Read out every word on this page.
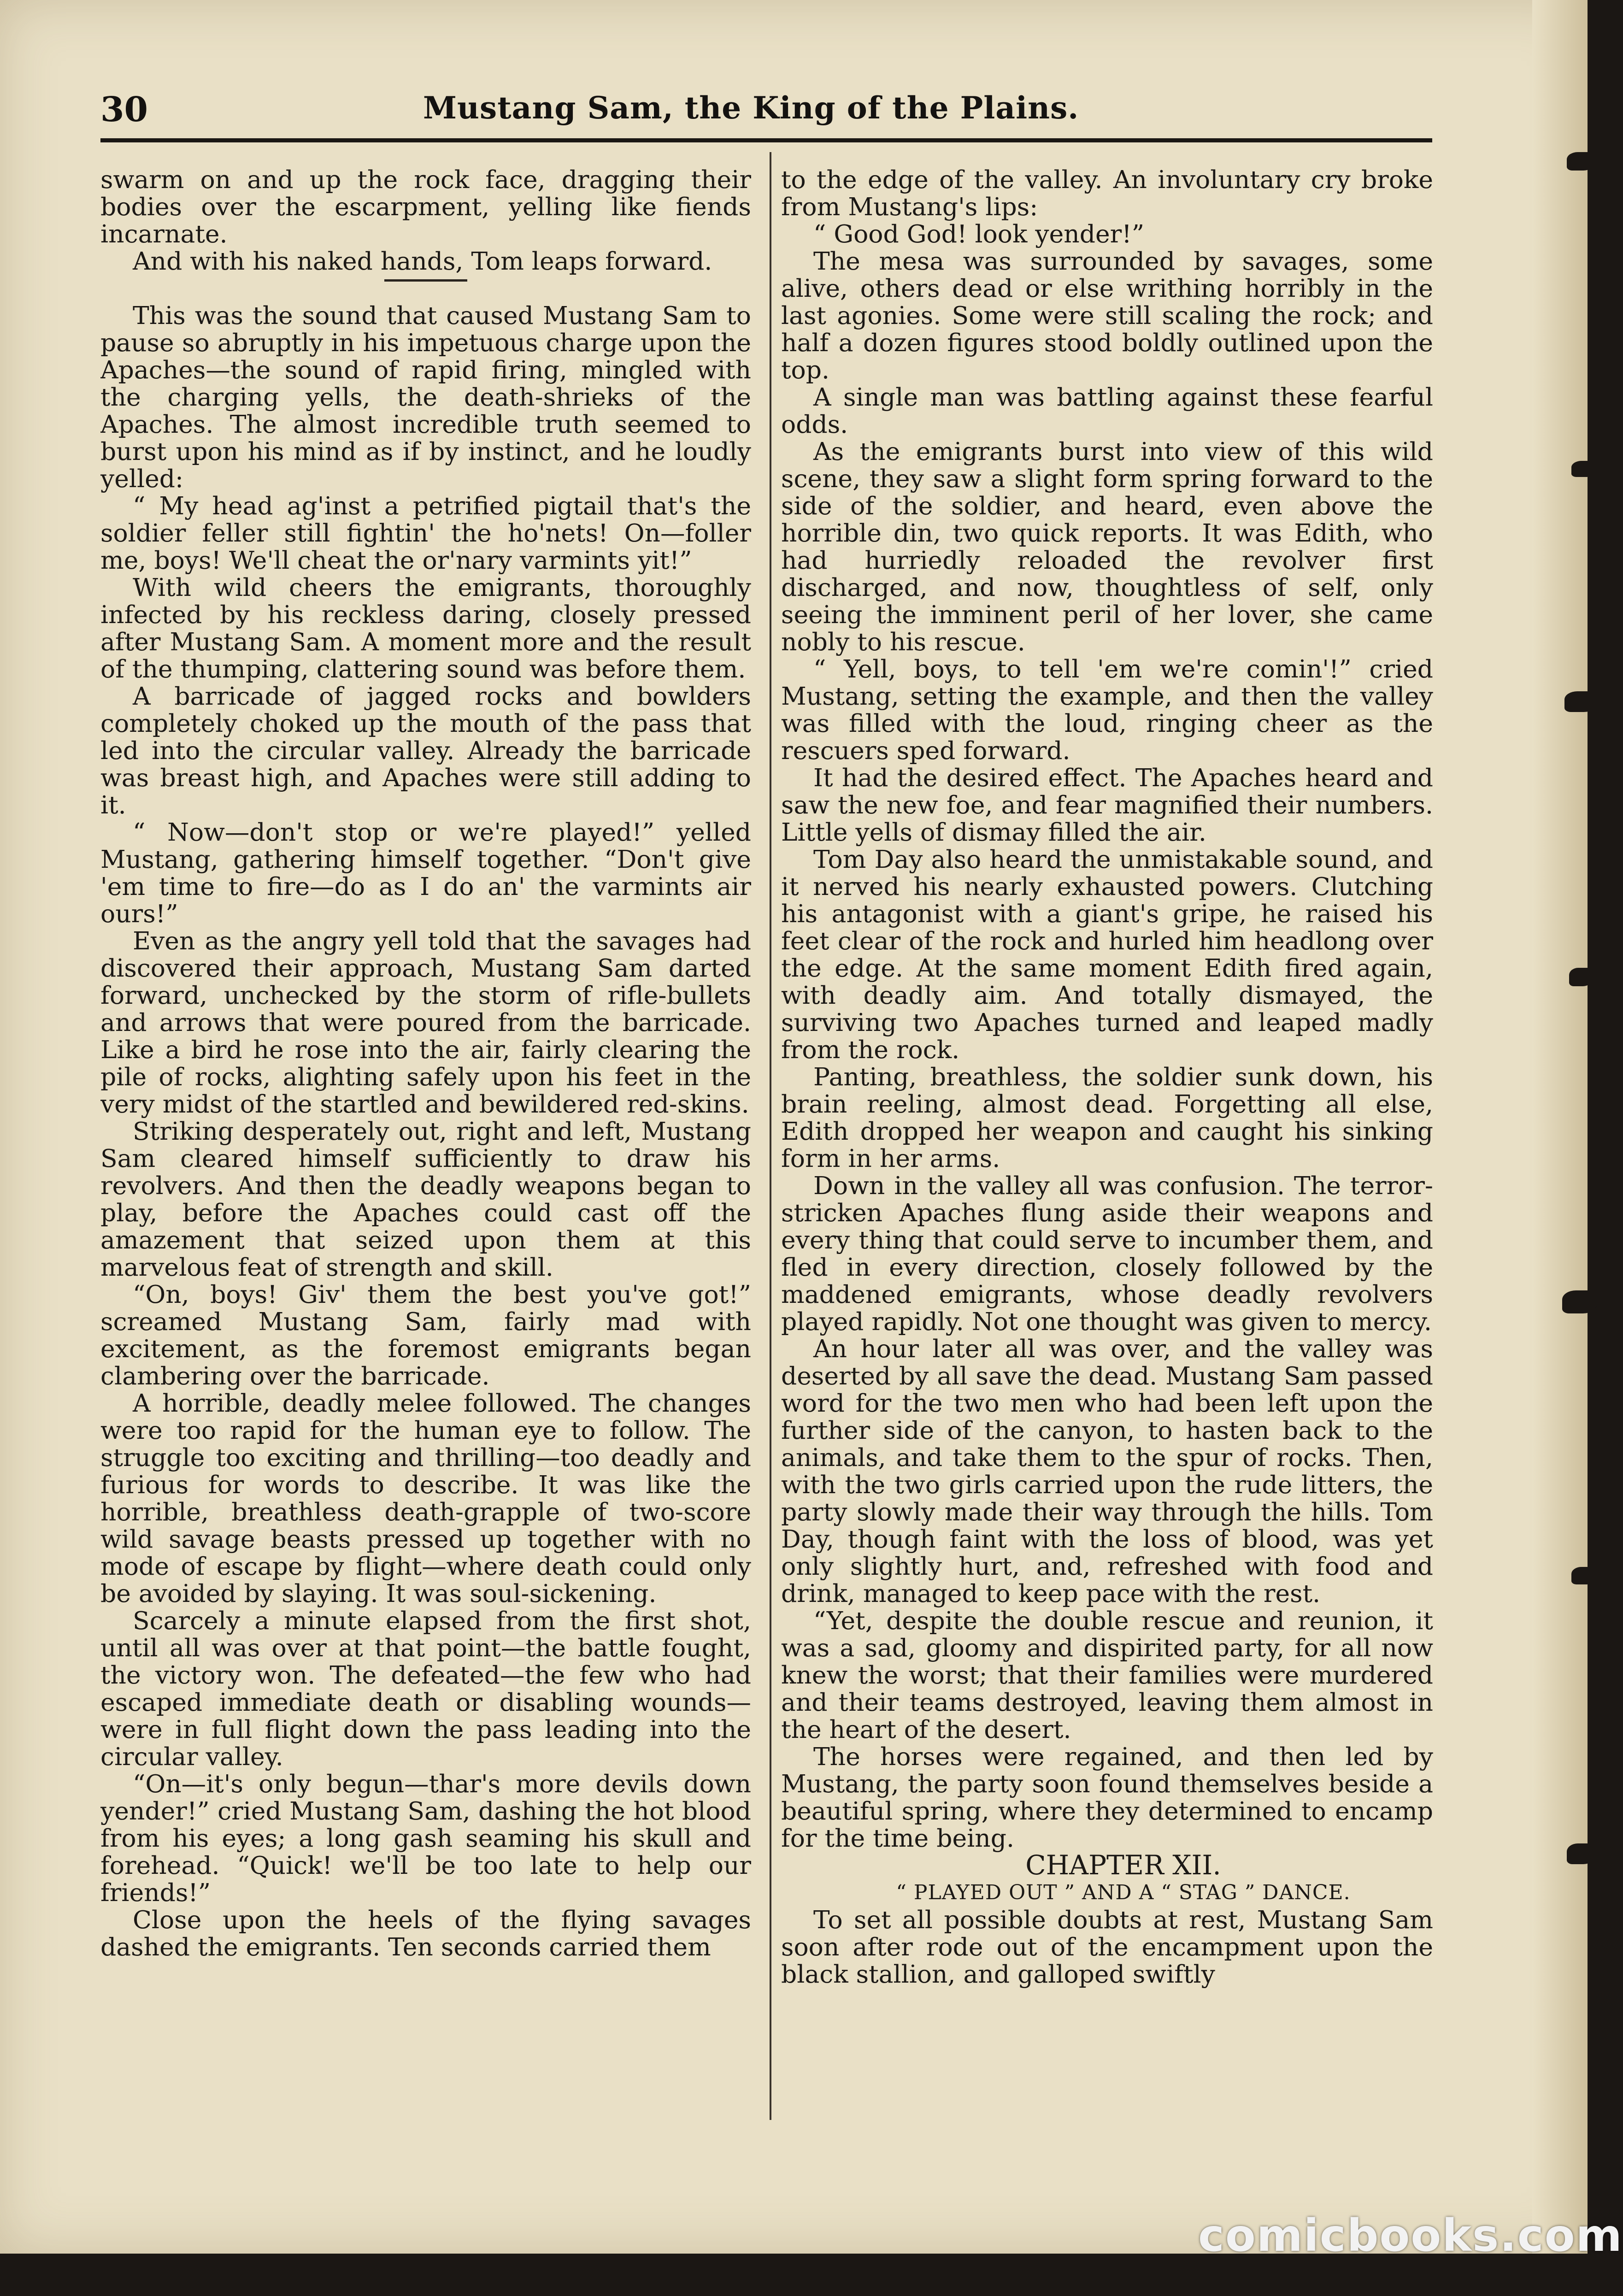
30	Mustang Sam, the King of the Plains.

swarm on and up the rock face, dragging their bodies over the escarpment, yelling like fiends incarnate.

And with his naked hands, Tom leaps forward.

This was the sound that caused Mustang Sam to pause so abruptly in his impetuous charge upon the Apaches—the sound of rapid firing, mingled with the charging yells, the death-shrieks of the Apaches. The almost incredible truth seemed to burst upon his mind as if by instinct, and he loudly yelled:

“ My head ag'inst a petrified pigtail that's the soldier feller still fightin' the ho'nets! On—foller me, boys! We'll cheat the or'nary varmints yit!”

With wild cheers the emigrants, thoroughly infected by his reckless daring, closely pressed after Mustang Sam. A moment more and the result of the thumping, clattering sound was before them.

A barricade of jagged rocks and bowlders completely choked up the mouth of the pass that led into the circular valley. Already the barricade was breast high, and Apaches were still adding to it.

“ Now—don't stop or we're played!” yelled Mustang, gathering himself together. “Don't give 'em time to fire—do as I do an' the varmints air ours!”

Even as the angry yell told that the savages had discovered their approach, Mustang Sam darted forward, unchecked by the storm of rifle-bullets and arrows that were poured from the barricade. Like a bird he rose into the air, fairly clearing the pile of rocks, alighting safely upon his feet in the very midst of the startled and bewildered red-skins.

Striking desperately out, right and left, Mustang Sam cleared himself sufficiently to draw his revolvers. And then the deadly weapons began to play, before the Apaches could cast off the amazement that seized upon them at this marvelous feat of strength and skill.

“On, boys! Giv' them the best you've got!” screamed Mustang Sam, fairly mad with excitement, as the foremost emigrants began clambering over the barricade.

A horrible, deadly melee followed. The changes were too rapid for the human eye to follow. The struggle too exciting and thrilling—too deadly and furious for words to describe. It was like the horrible, breathless death-grapple of two-score wild savage beasts pressed up together with no mode of escape by flight—where death could only be avoided by slaying. It was soul-sickening.

Scarcely a minute elapsed from the first shot, until all was over at that point—the battle fought, the victory won. The defeated—the few who had escaped immediate death or disabling wounds—were in full flight down the pass leading into the circular valley.

“On—it's only begun—thar's more devils down yender!” cried Mustang Sam, dashing the hot blood from his eyes; a long gash seaming his skull and forehead. “Quick! we'll be too late to help our friends!”

Close upon the heels of the flying savages dashed the emigrants. Ten seconds carried them

to the edge of the valley. An involuntary cry broke from Mustang's lips:

“ Good God! look yender!”

The mesa was surrounded by savages, some alive, others dead or else writhing horribly in the last agonies. Some were still scaling the rock; and half a dozen figures stood boldly outlined upon the top.

A single man was battling against these fearful odds.

As the emigrants burst into view of this wild scene, they saw a slight form spring forward to the side of the soldier, and heard, even above the horrible din, two quick reports. It was Edith, who had hurriedly reloaded the revolver first discharged, and now, thoughtless of self, only seeing the imminent peril of her lover, she came nobly to his rescue.

“ Yell, boys, to tell 'em we're comin'!” cried Mustang, setting the example, and then the valley was filled with the loud, ringing cheer as the rescuers sped forward.

It had the desired effect. The Apaches heard and saw the new foe, and fear magnified their numbers. Little yells of dismay filled the air.

Tom Day also heard the unmistakable sound, and it nerved his nearly exhausted powers. Clutching his antagonist with a giant's gripe, he raised his feet clear of the rock and hurled him headlong over the edge. At the same moment Edith fired again, with deadly aim. And totally dismayed, the surviving two Apaches turned and leaped madly from the rock.

Panting, breathless, the soldier sunk down, his brain reeling, almost dead. Forgetting all else, Edith dropped her weapon and caught his sinking form in her arms.

Down in the valley all was confusion. The terror-stricken Apaches flung aside their weapons and every thing that could serve to incumber them, and fled in every direction, closely followed by the maddened emigrants, whose deadly revolvers played rapidly. Not one thought was given to mercy.

An hour later all was over, and the valley was deserted by all save the dead. Mustang Sam passed word for the two men who had been left upon the further side of the canyon, to hasten back to the animals, and take them to the spur of rocks. Then, with the two girls carried upon the rude litters, the party slowly made their way through the hills. Tom Day, though faint with the loss of blood, was yet only slightly hurt, and, refreshed with food and drink, managed to keep pace with the rest.

“Yet, despite the double rescue and reunion, it was a sad, gloomy and dispirited party, for all now knew the worst; that their families were murdered and their teams destroyed, leaving them almost in the heart of the desert.

The horses were regained, and then led by Mustang, the party soon found themselves beside a beautiful spring, where they determined to encamp for the time being.

CHAPTER XII.

“ PLAYED OUT ” AND A “ STAG ” DANCE.

To set all possible doubts at rest, Mustang Sam soon after rode out of the encampment upon the black stallion, and galloped swiftly

comicbooks.com
